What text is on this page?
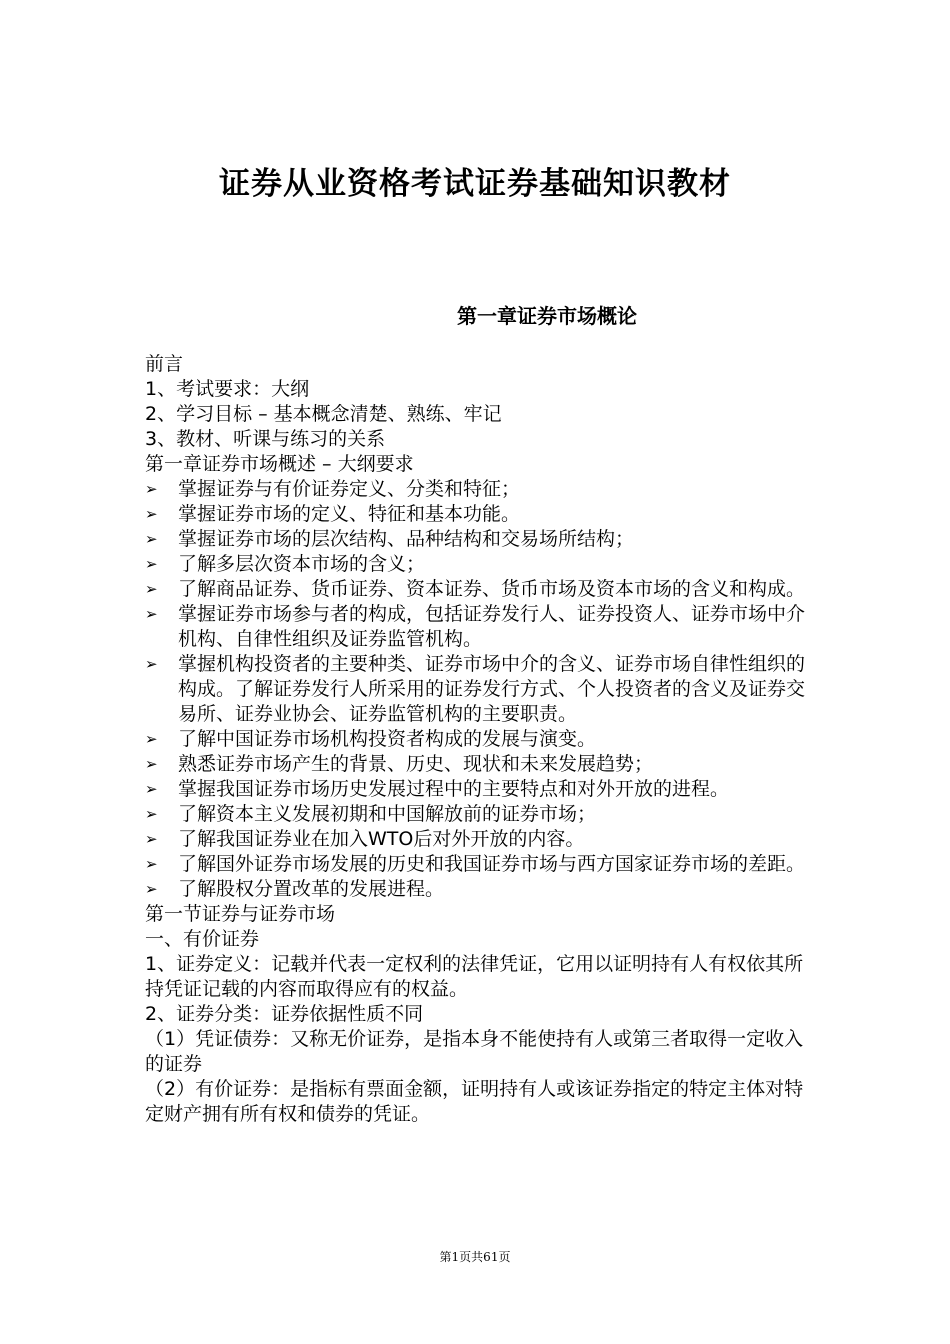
证券从业资格考试证券基础知识教材
第一章证券市场概论

前言

1、考试要求：大纲

2、学习目标 – 基本概念清楚、熟练、牢记

3、教材、听课与练习的关系

第一章证券市场概述 – 大纲要求

➢	掌握证券与有价证券定义、分类和特征；
➢	掌握证券市场的定义、特征和基本功能。
➢	掌握证券市场的层次结构、品种结构和交易场所结构；
➢	了解多层次资本市场的含义；
➢	了解商品证券、货币证券、资本证券、货币市场及资本市场的含义和构成。
➢	掌握证券市场参与者的构成，包括证券发行人、证券投资人、证券市场中介机构、自律性组织及证券监管机构。
➢	掌握机构投资者的主要种类、证券市场中介的含义、证券市场自律性组织的构成。了解证券发行人所采用的证券发行方式、个人投资者的含义及证券交易所、证券业协会、证券监管机构的主要职责。
➢	了解中国证券市场机构投资者构成的发展与演变。
➢	熟悉证券市场产生的背景、历史、现状和未来发展趋势；
➢	掌握我国证券市场历史发展过程中的主要特点和对外开放的进程。
➢	了解资本主义发展初期和中国解放前的证券市场；
➢	了解我国证券业在加入WTO后对外开放的内容。
➢	了解国外证券市场发展的历史和我国证券市场与西方国家证券市场的差距。
➢	了解股权分置改革的发展进程。

第一节证券与证券市场

一、有价证券

1、证券定义：记载并代表一定权利的法律凭证，它用以证明持有人有权依其所持凭证记载的内容而取得应有的权益。

2、证券分类：证券依据性质不同

（1）凭证债券：又称无价证券，是指本身不能使持有人或第三者取得一定收入的证券

（2）有价证券：是指标有票面金额，证明持有人或该证券指定的特定主体对特定财产拥有所有权和债券的凭证。

第1页共61页
